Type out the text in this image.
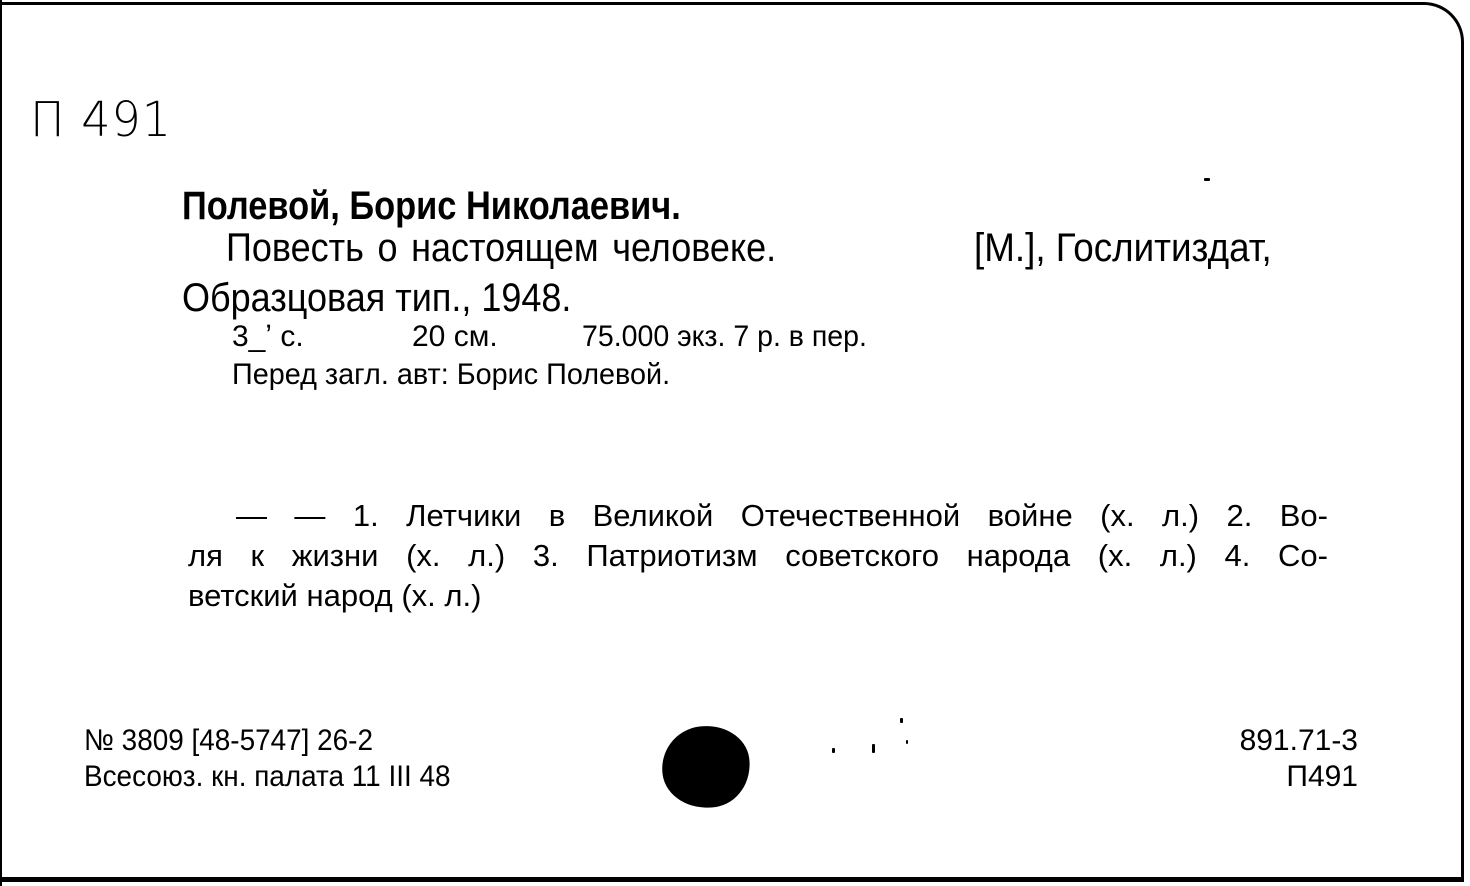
П 491
Полевой, Борис Николаевич.
Повесть о настоящем человеке.	[М.], Гослитиздат,
Образцовая тип., 1948.
3_ʼ с.	20 см.	75.000 экз. 7 р. в пер.
Перед загл. авт: Борис Полевой.
— — 1. Летчики в Великой Отечественной войне (х. л.) 2. Во-
ля к жизни (х. л.) 3. Патриотизм советского народа (х. л.) 4. Со-
ветский народ (х. л.)
№ 3809 [48-5747] 26-2
Всесоюз. кн. палата 11 III 48
891.71-3
П491
